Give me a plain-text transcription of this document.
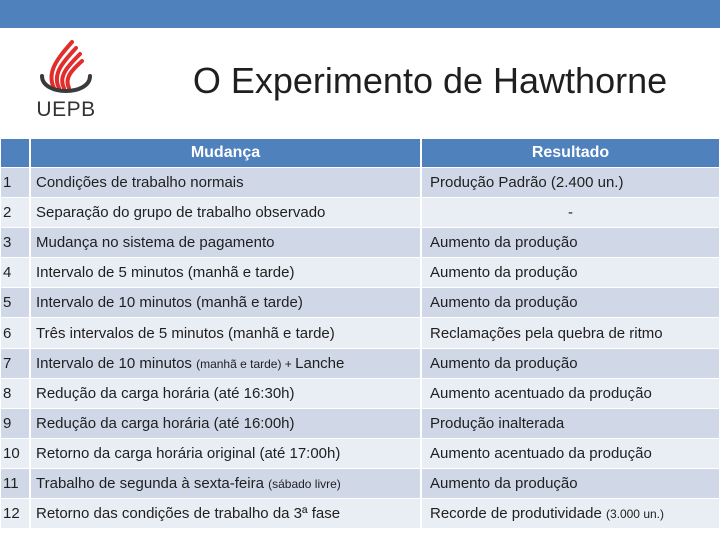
UEPB
O Experimento de Hawthorne
	Mudança	Resultado
1	Condições de trabalho normais	Produção Padrão (2.400 un.)
2	Separação do grupo de trabalho observado	-
3	Mudança no sistema de pagamento	Aumento da produção
4	Intervalo de 5 minutos (manhã e tarde)	Aumento da produção
5	Intervalo de 10 minutos (manhã e tarde)	Aumento da produção
6	Três intervalos de 5 minutos (manhã e tarde)	Reclamações pela quebra de ritmo
7	Intervalo de 10 minutos (manhã e tarde) + Lanche	Aumento da produção
8	Redução da carga horária (até 16:30h)	Aumento acentuado da produção
9	Redução da carga horária (até 16:00h)	Produção inalterada
10	Retorno da carga horária original (até 17:00h)	Aumento acentuado da produção
11	Trabalho de segunda à sexta-feira (sábado livre)	Aumento da produção
12	Retorno das condições de trabalho da 3ª fase	Recorde de produtividade (3.000 un.)
